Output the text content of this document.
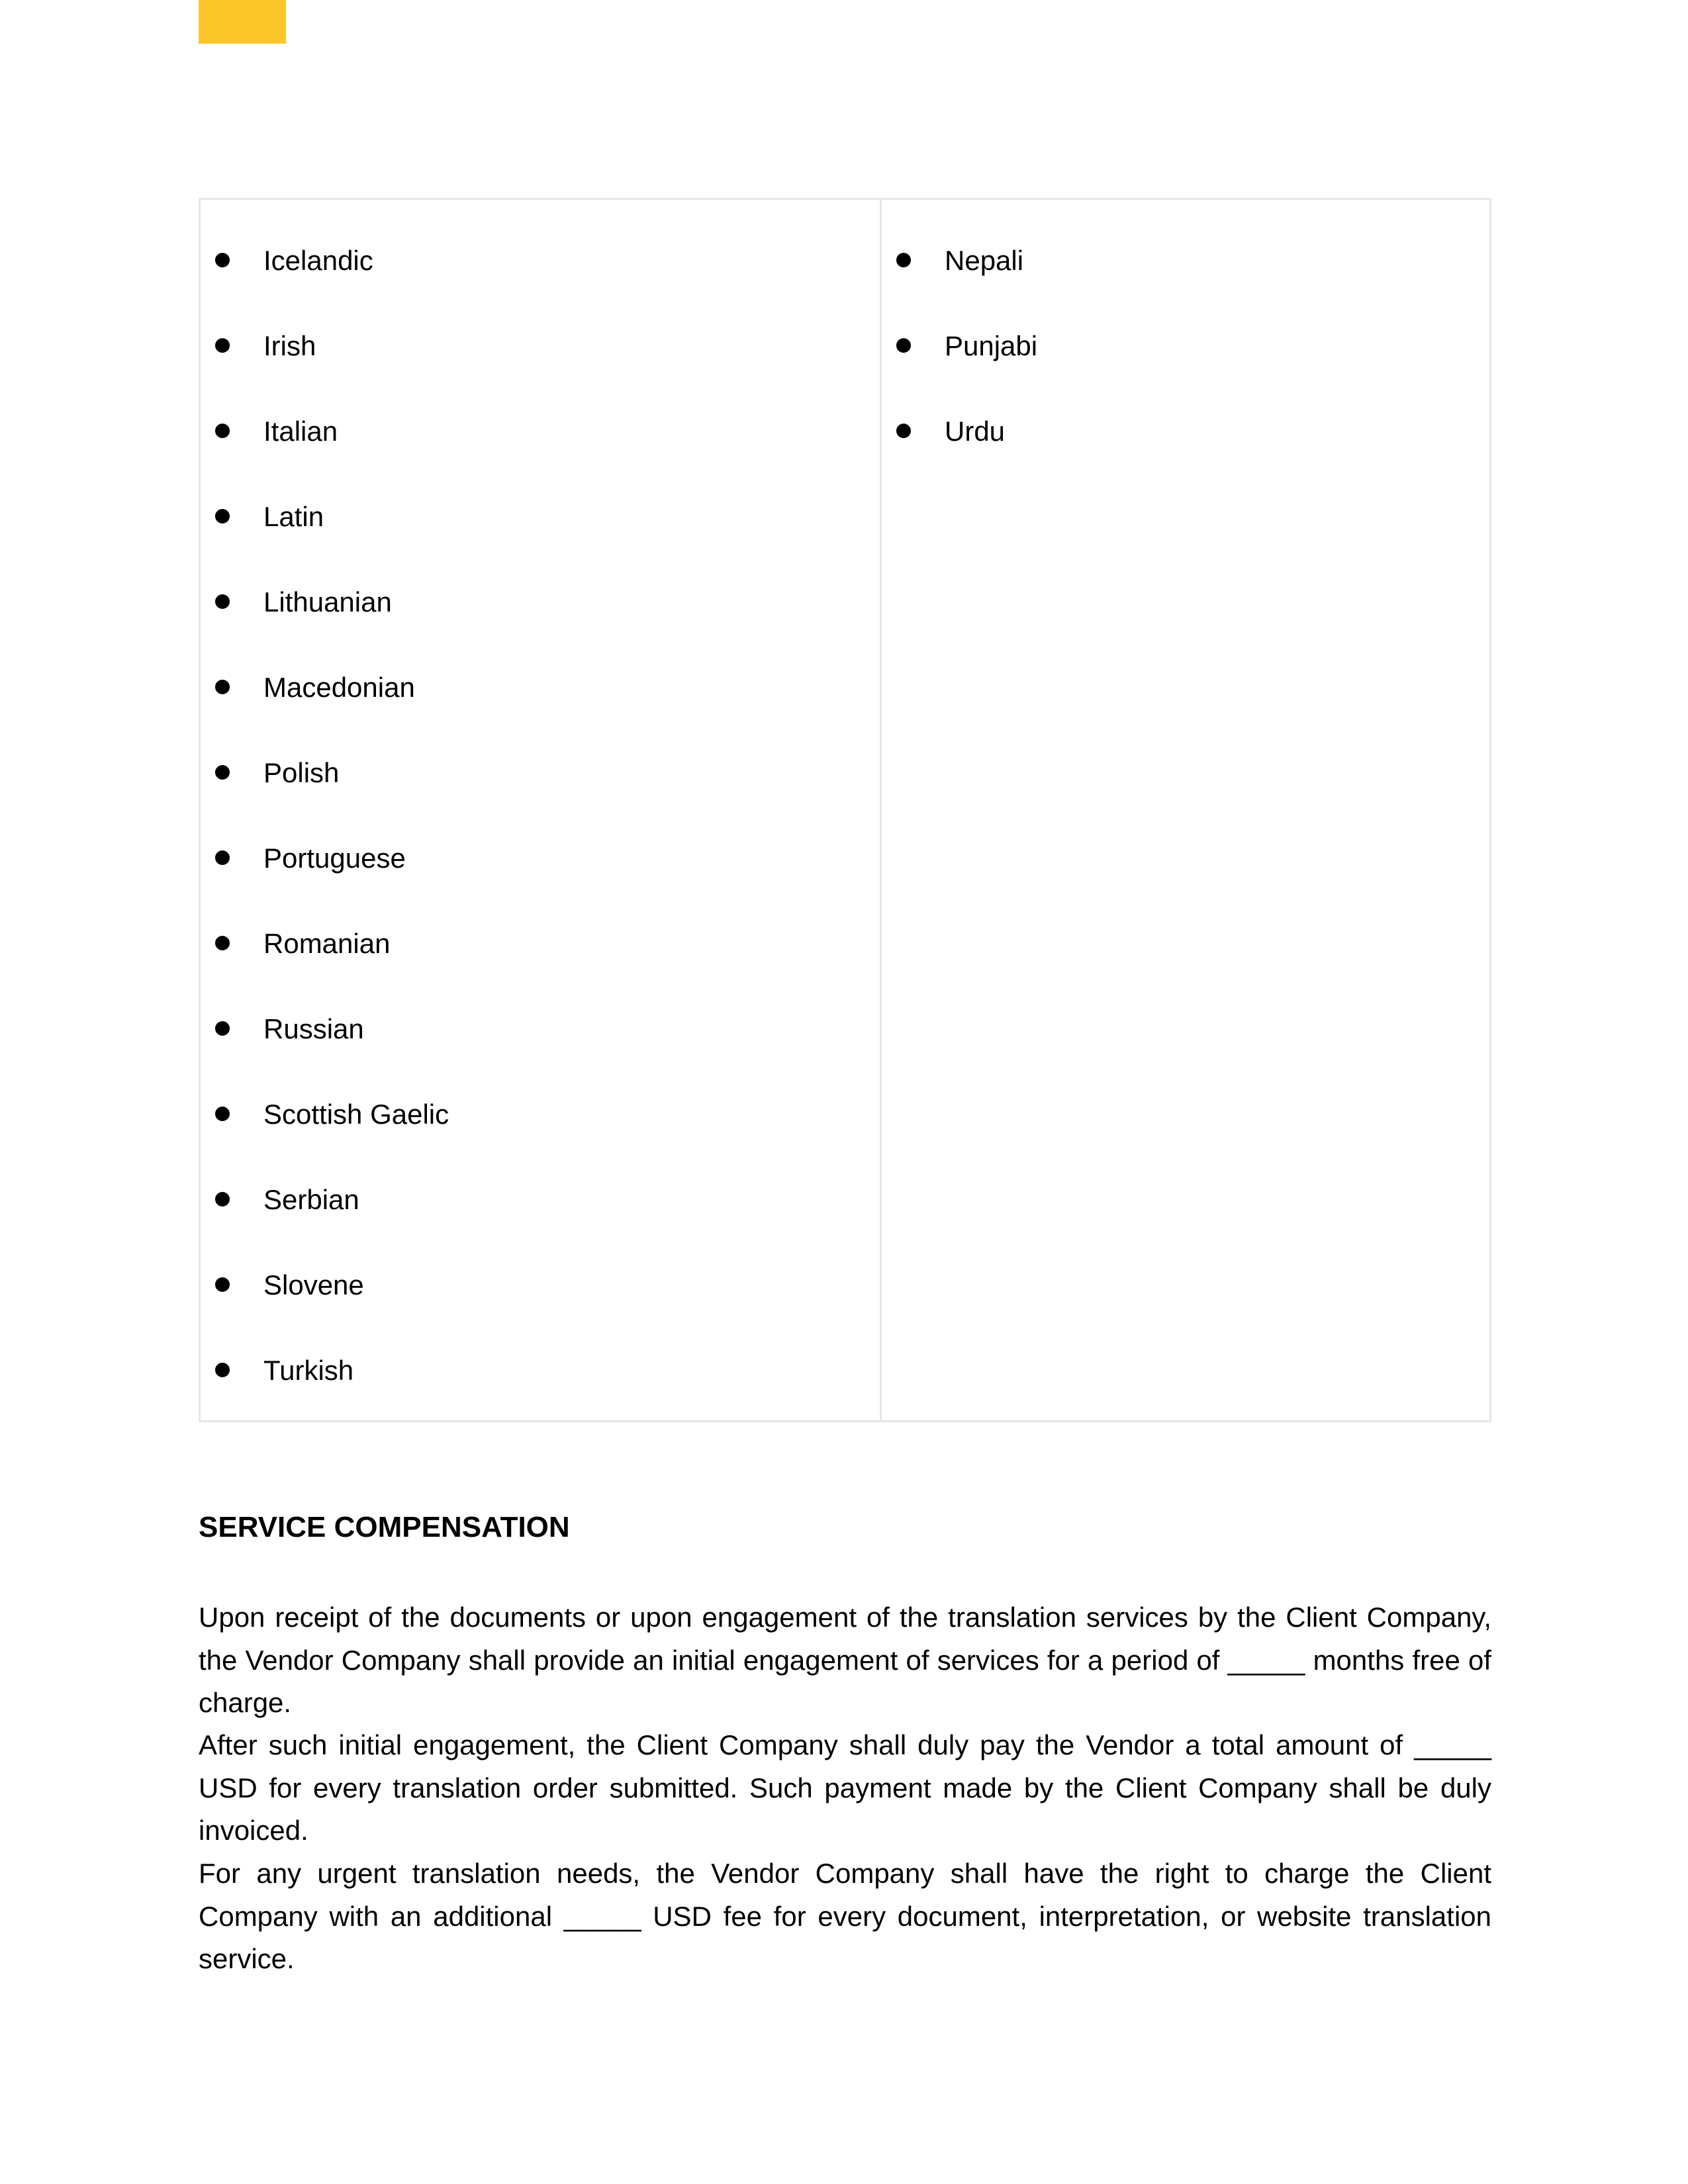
Icelandic
Irish
Italian
Latin
Lithuanian
Macedonian
Polish
Portuguese
Romanian
Russian
Scottish Gaelic
Serbian
Slovene
Turkish
Nepali
Punjabi
Urdu
SERVICE COMPENSATION

Upon receipt of the documents or upon engagement of the translation services by the Client Company, the Vendor Company shall provide an initial engagement of services for a period of _____ months free of charge.

After such initial engagement, the Client Company shall duly pay the Vendor a total amount of _____ USD for every translation order submitted. Such payment made by the Client Company shall be duly invoiced.

For any urgent translation needs, the Vendor Company shall have the right to charge the Client Company with an additional _____ USD fee for every document, interpretation, or website translation service.
